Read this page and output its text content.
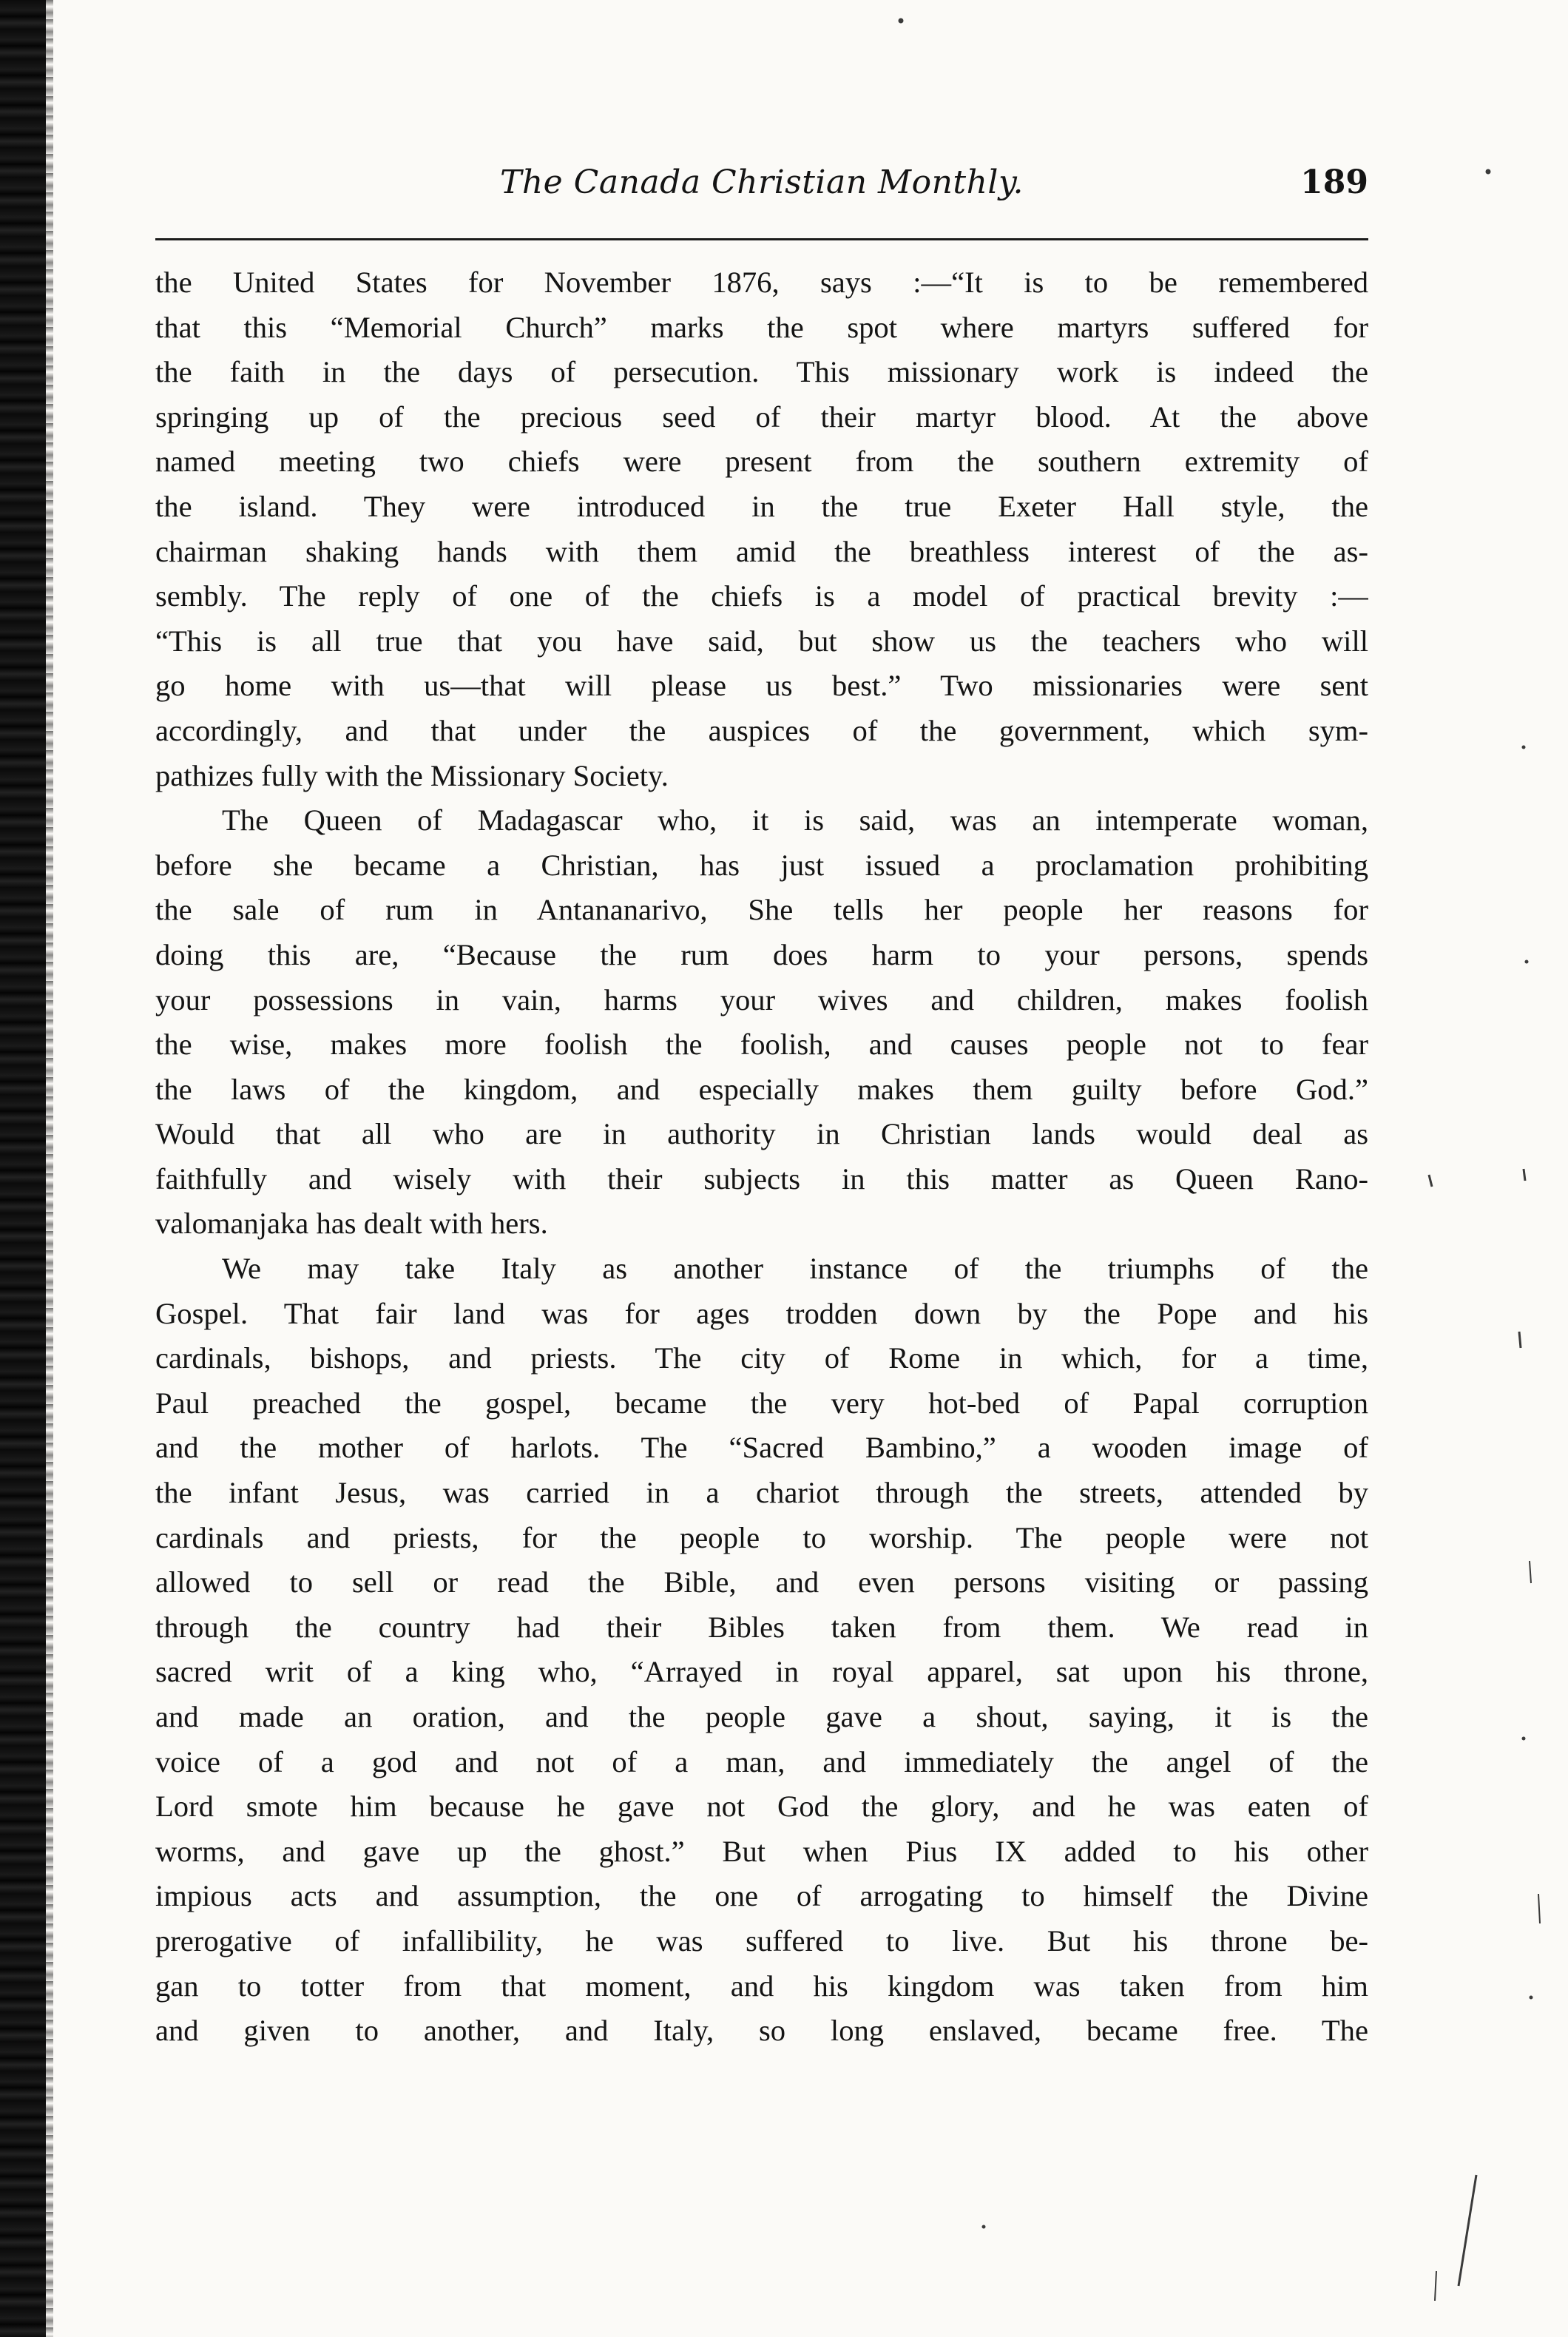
The Canada Christian Monthly.	189
the United States for November 1876, says :—“It is to be remembered
that this “Memorial Church” marks the spot where martyrs suffered for
the faith in the days of persecution. This missionary work is indeed the
springing up of the precious seed of their martyr blood. At the above
named meeting two chiefs were present from the southern extremity of
the island. They were introduced in the true Exeter Hall style, the
chairman shaking hands with them amid the breathless interest of the as-
sembly. The reply of one of the chiefs is a model of practical brevity :—
“This is all true that you have said, but show us the teachers who will
go home with us—that will please us best.” Two missionaries were sent
accordingly, and that under the auspices of the government, which sym-
pathizes fully with the Missionary Society.
The Queen of Madagascar who, it is said, was an intemperate woman,
before she became a Christian, has just issued a proclamation prohibiting
the sale of rum in Antananarivo, She tells her people her reasons for
doing this are, “Because the rum does harm to your persons, spends
your possessions in vain, harms your wives and children, makes foolish
the wise, makes more foolish the foolish, and causes people not to fear
the laws of the kingdom, and especially makes them guilty before God.”
Would that all who are in authority in Christian lands would deal as
faithfully and wisely with their subjects in this matter as Queen Rano-
valomanjaka has dealt with hers.
We may take Italy as another instance of the triumphs of the
Gospel. That fair land was for ages trodden down by the Pope and his
cardinals, bishops, and priests. The city of Rome in which, for a time,
Paul preached the gospel, became the very hot-bed of Papal corruption
and the mother of harlots. The “Sacred Bambino,” a wooden image of
the infant Jesus, was carried in a chariot through the streets, attended by
cardinals and priests, for the people to worship. The people were not
allowed to sell or read the Bible, and even persons visiting or passing
through the country had their Bibles taken from them. We read in
sacred writ of a king who, “Arrayed in royal apparel, sat upon his throne,
and made an oration, and the people gave a shout, saying, it is the
voice of a god and not of a man, and immediately the angel of the
Lord smote him because he gave not God the glory, and he was eaten of
worms, and gave up the ghost.” But when Pius IX added to his other
impious acts and assumption, the one of arrogating to himself the Divine
prerogative of infallibility, he was suffered to live. But his throne be-
gan to totter from that moment, and his kingdom was taken from him
and given to another, and Italy, so long enslaved, became free. The
